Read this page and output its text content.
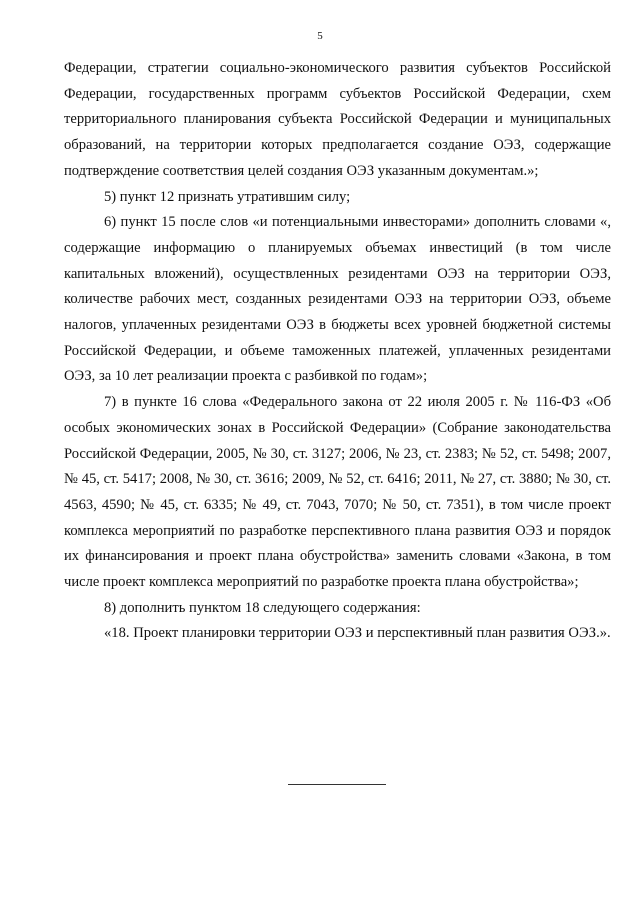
5

Федерации, стратегии социально-экономического развития субъектов Российской Федерации, государственных программ субъектов Российской Федерации, схем территориального планирования субъекта Российской Федерации и муниципальных образований, на территории которых предполагается создание ОЭЗ, содержащие подтверждение соответствия целей создания ОЭЗ указанным документам.»;

5) пункт 12 признать утратившим силу;

6) пункт 15 после слов «и потенциальными инвесторами» дополнить словами «, содержащие информацию о планируемых объемах инвестиций (в том числе капитальных вложений), осуществленных резидентами ОЭЗ на территории ОЭЗ, количестве рабочих мест, созданных резидентами ОЭЗ на территории ОЭЗ, объеме налогов, уплаченных резидентами ОЭЗ в бюджеты всех уровней бюджетной системы Российской Федерации, и объеме таможенных платежей, уплаченных резидентами ОЭЗ, за 10 лет реализации проекта с разбивкой по годам»;

7) в пункте 16 слова «Федерального закона от 22 июля 2005 г. № 116-ФЗ «Об особых экономических зонах в Российской Федерации» (Собрание законодательства Российской Федерации, 2005, № 30, ст. 3127; 2006, № 23, ст. 2383; № 52, ст. 5498; 2007, № 45, ст. 5417; 2008, № 30, ст. 3616; 2009, № 52, ст. 6416; 2011, № 27, ст. 3880; № 30, ст. 4563, 4590; № 45, ст. 6335; № 49, ст. 7043, 7070; № 50, ст. 7351), в том числе проект комплекса мероприятий по разработке перспективного плана развития ОЭЗ и порядок их финансирования и проект плана обустройства» заменить словами «Закона, в том числе проект комплекса мероприятий по разработке проекта плана обустройства»;

8) дополнить пунктом 18 следующего содержания:

«18. Проект планировки территории ОЭЗ и перспективный план развития ОЭЗ.».
